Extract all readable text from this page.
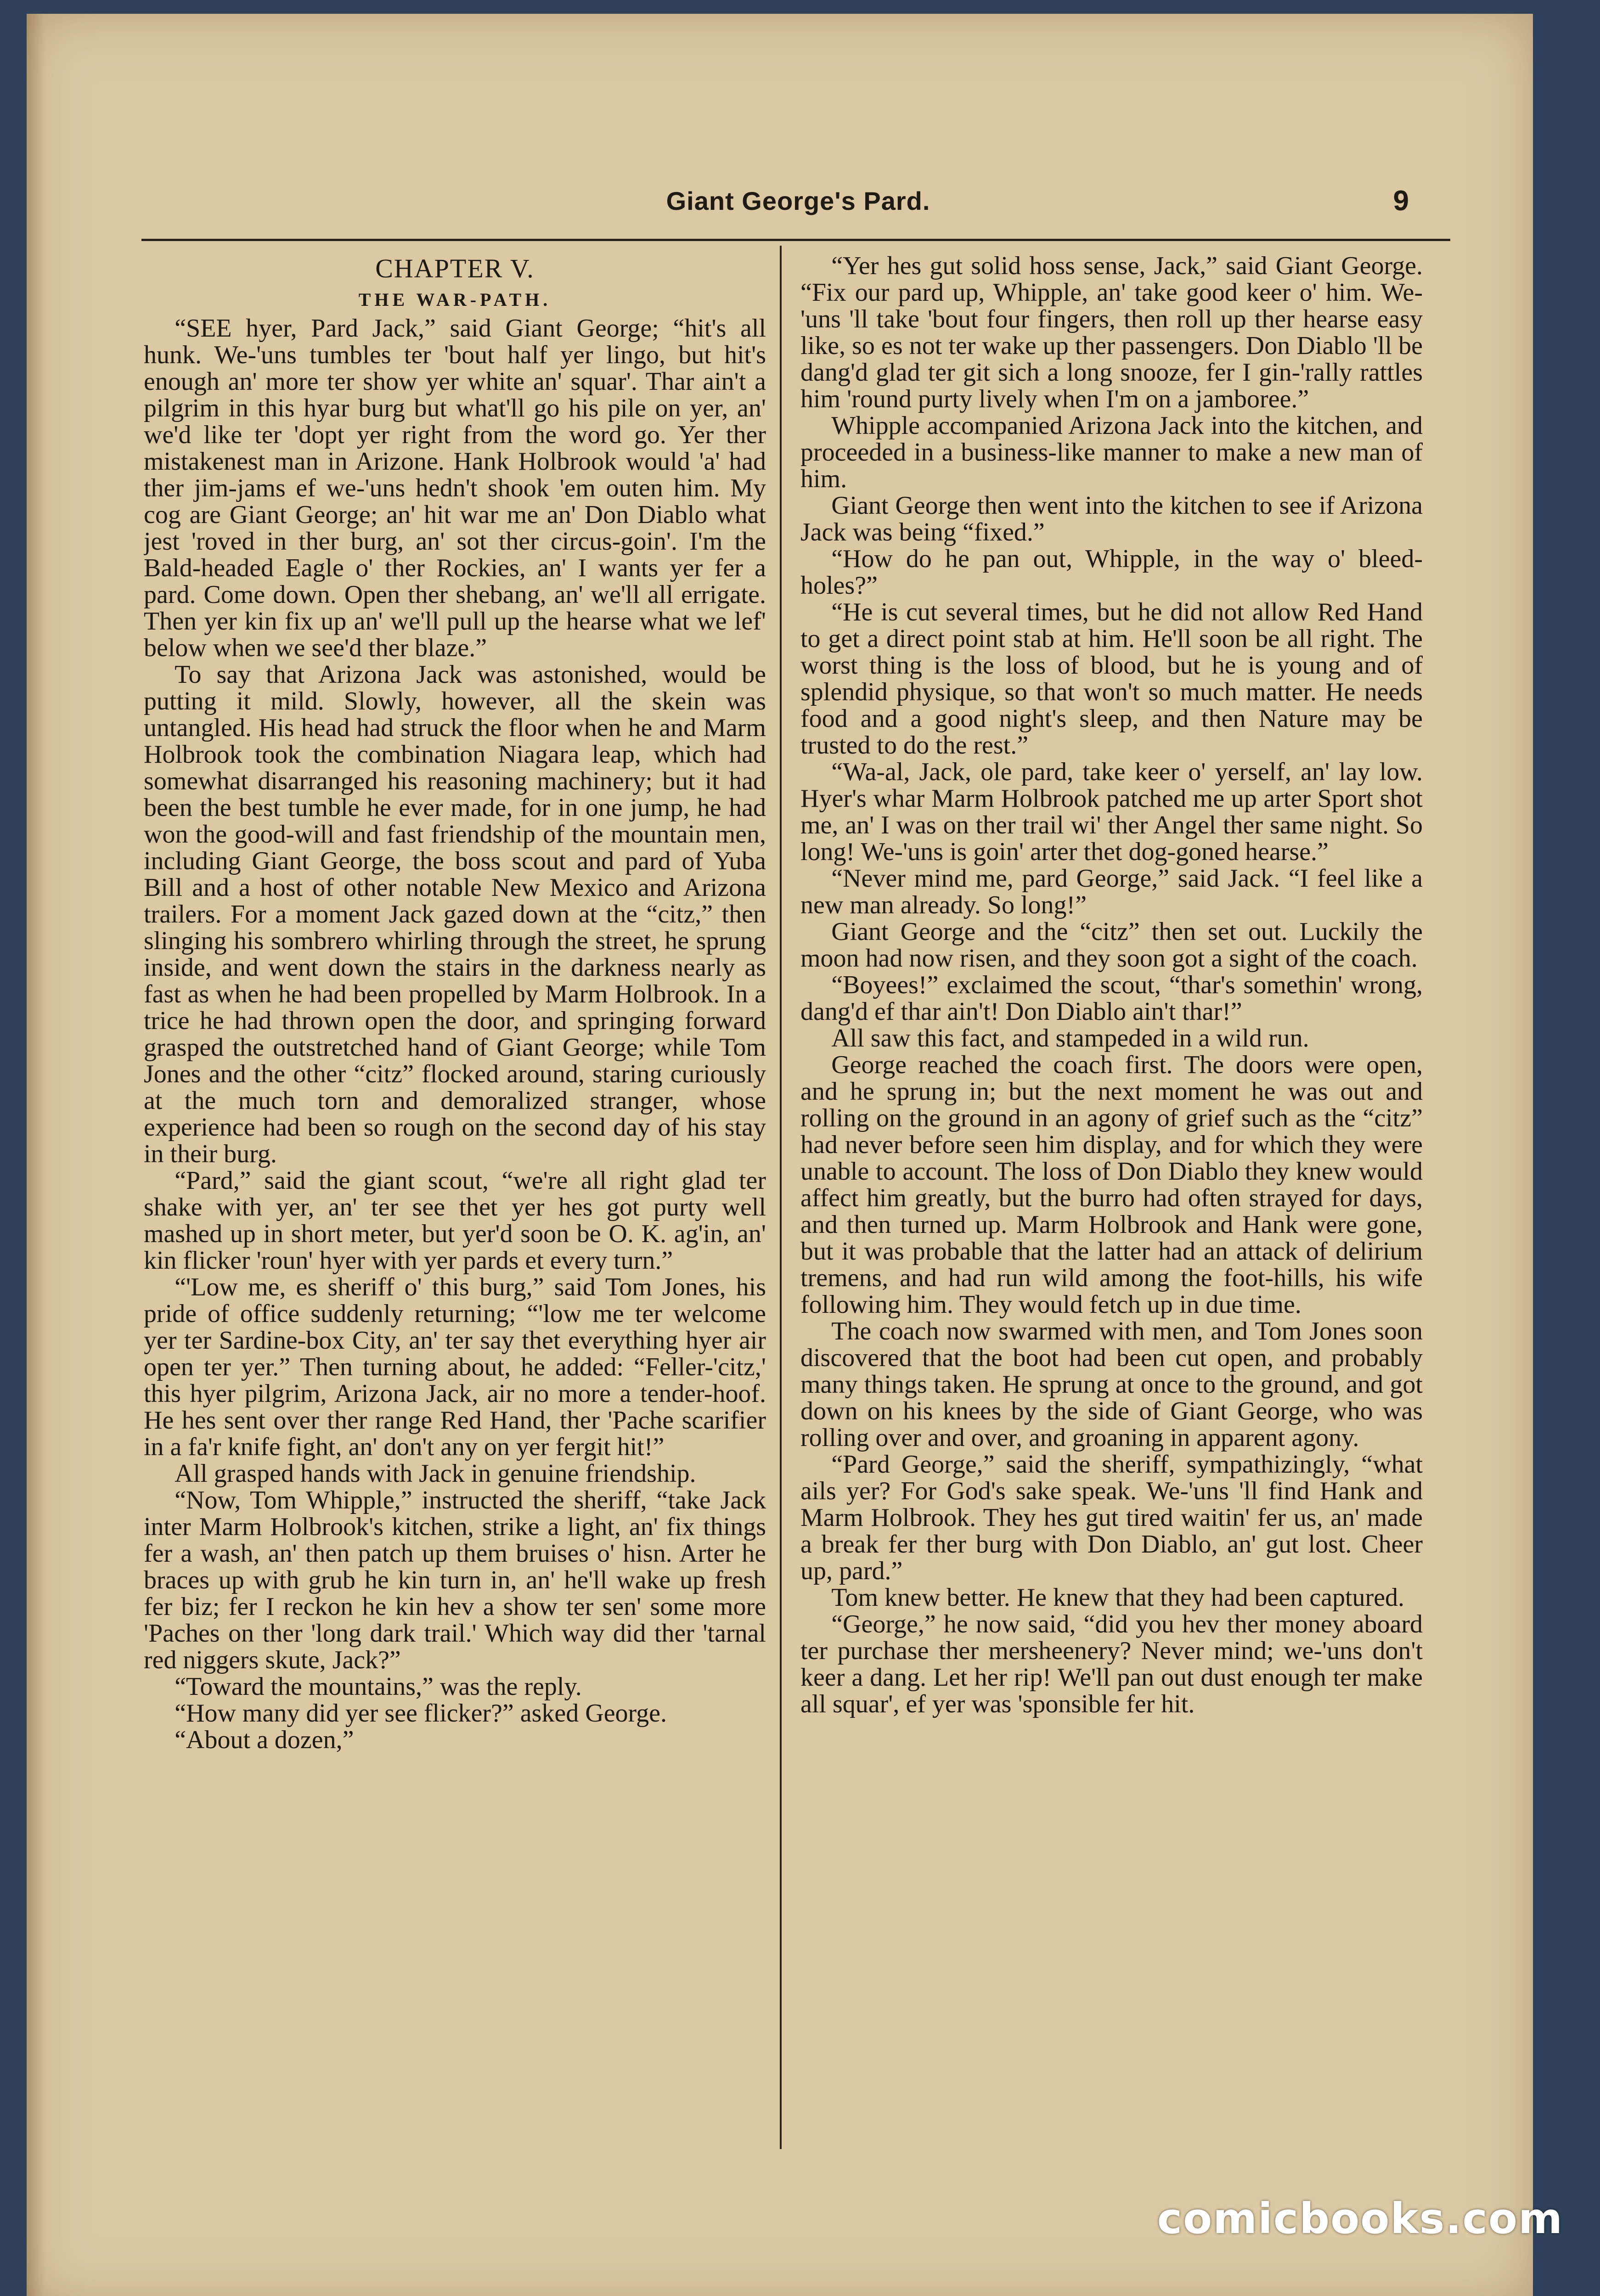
Giant George's Pard.	9
CHAPTER V.
THE WAR-PATH.

“SEE hyer, Pard Jack,” said Giant George; “hit's all hunk. We-'uns tumbles ter 'bout half yer lingo, but hit's enough an' more ter show yer white an' squar'. Thar ain't a pilgrim in this hyar burg but what'll go his pile on yer, an' we'd like ter 'dopt yer right from the word go. Yer ther mistakenest man in Arizone. Hank Holbrook would 'a' had ther jim-jams ef we-'uns hedn't shook 'em outen him. My cog are Giant George; an' hit war me an' Don Diablo what jest 'roved in ther burg, an' sot ther circus-goin'. I'm the Bald-headed Eagle o' ther Rockies, an' I wants yer fer a pard. Come down. Open ther shebang, an' we'll all errigate. Then yer kin fix up an' we'll pull up the hearse what we lef' below when we see'd ther blaze.”

To say that Arizona Jack was astonished, would be putting it mild. Slowly, however, all the skein was untangled. His head had struck the floor when he and Marm Holbrook took the combination Niagara leap, which had somewhat disarranged his reasoning machinery; but it had been the best tumble he ever made, for in one jump, he had won the good-will and fast friendship of the mountain men, including Giant George, the boss scout and pard of Yuba Bill and a host of other notable New Mexico and Arizona trailers. For a moment Jack gazed down at the “citz,” then slinging his sombrero whirling through the street, he sprung inside, and went down the stairs in the darkness nearly as fast as when he had been propelled by Marm Holbrook. In a trice he had thrown open the door, and springing forward grasped the outstretched hand of Giant George; while Tom Jones and the other “citz” flocked around, staring curiously at the much torn and demoralized stranger, whose experience had been so rough on the second day of his stay in their burg.

“Pard,” said the giant scout, “we're all right glad ter shake with yer, an' ter see thet yer hes got purty well mashed up in short meter, but yer'd soon be O. K. ag'in, an' kin flicker 'roun' hyer with yer pards et every turn.”

“'Low me, es sheriff o' this burg,” said Tom Jones, his pride of office suddenly returning; “'low me ter welcome yer ter Sardine-box City, an' ter say thet everything hyer air open ter yer.” Then turning about, he added: “Feller-'citz,' this hyer pilgrim, Arizona Jack, air no more a tender-hoof. He hes sent over ther range Red Hand, ther 'Pache scarifier in a fa'r knife fight, an' don't any on yer fergit hit!”

All grasped hands with Jack in genuine friendship.

“Now, Tom Whipple,” instructed the sheriff, “take Jack inter Marm Holbrook's kitchen, strike a light, an' fix things fer a wash, an' then patch up them bruises o' hisn. Arter he braces up with grub he kin turn in, an' he'll wake up fresh fer biz; fer I reckon he kin hev a show ter sen' some more 'Paches on ther 'long dark trail.' Which way did ther 'tarnal red niggers skute, Jack?”

“Toward the mountains,” was the reply.

“How many did yer see flicker?” asked George.

“About a dozen,”

“Yer hes gut solid hoss sense, Jack,” said Giant George. “Fix our pard up, Whipple, an' take good keer o' him. We-'uns 'll take 'bout four fingers, then roll up ther hearse easy like, so es not ter wake up ther passengers. Don Diablo 'll be dang'd glad ter git sich a long snooze, fer I gin-'rally rattles him 'round purty lively when I'm on a jamboree.”

Whipple accompanied Arizona Jack into the kitchen, and proceeded in a business-like manner to make a new man of him.

Giant George then went into the kitchen to see if Arizona Jack was being “fixed.”

“How do he pan out, Whipple, in the way o' bleed-holes?”

“He is cut several times, but he did not allow Red Hand to get a direct point stab at him. He'll soon be all right. The worst thing is the loss of blood, but he is young and of splendid physique, so that won't so much matter. He needs food and a good night's sleep, and then Nature may be trusted to do the rest.”

“Wa-al, Jack, ole pard, take keer o' yerself, an' lay low. Hyer's whar Marm Holbrook patched me up arter Sport shot me, an' I was on ther trail wi' ther Angel ther same night. So long! We-'uns is goin' arter thet dog-goned hearse.”

“Never mind me, pard George,” said Jack. “I feel like a new man already. So long!”

Giant George and the “citz” then set out. Luckily the moon had now risen, and they soon got a sight of the coach.

“Boyees!” exclaimed the scout, “thar's somethin' wrong, dang'd ef thar ain't! Don Diablo ain't thar!”

All saw this fact, and stampeded in a wild run.

George reached the coach first. The doors were open, and he sprung in; but the next moment he was out and rolling on the ground in an agony of grief such as the “citz” had never before seen him display, and for which they were unable to account. The loss of Don Diablo they knew would affect him greatly, but the burro had often strayed for days, and then turned up. Marm Holbrook and Hank were gone, but it was probable that the latter had an attack of delirium tremens, and had run wild among the foot-hills, his wife following him. They would fetch up in due time.

The coach now swarmed with men, and Tom Jones soon discovered that the boot had been cut open, and probably many things taken. He sprung at once to the ground, and got down on his knees by the side of Giant George, who was rolling over and over, and groaning in apparent agony.

“Pard George,” said the sheriff, sympathizingly, “what ails yer? For God's sake speak. We-'uns 'll find Hank and Marm Holbrook. They hes gut tired waitin' fer us, an' made a break fer ther burg with Don Diablo, an' gut lost. Cheer up, pard.”

Tom knew better. He knew that they had been captured.

“George,” he now said, “did you hev ther money aboard ter purchase ther mersheenery? Never mind; we-'uns don't keer a dang. Let her rip! We'll pan out dust enough ter make all squar', ef yer was 'sponsible fer hit.

comicbooks.com
